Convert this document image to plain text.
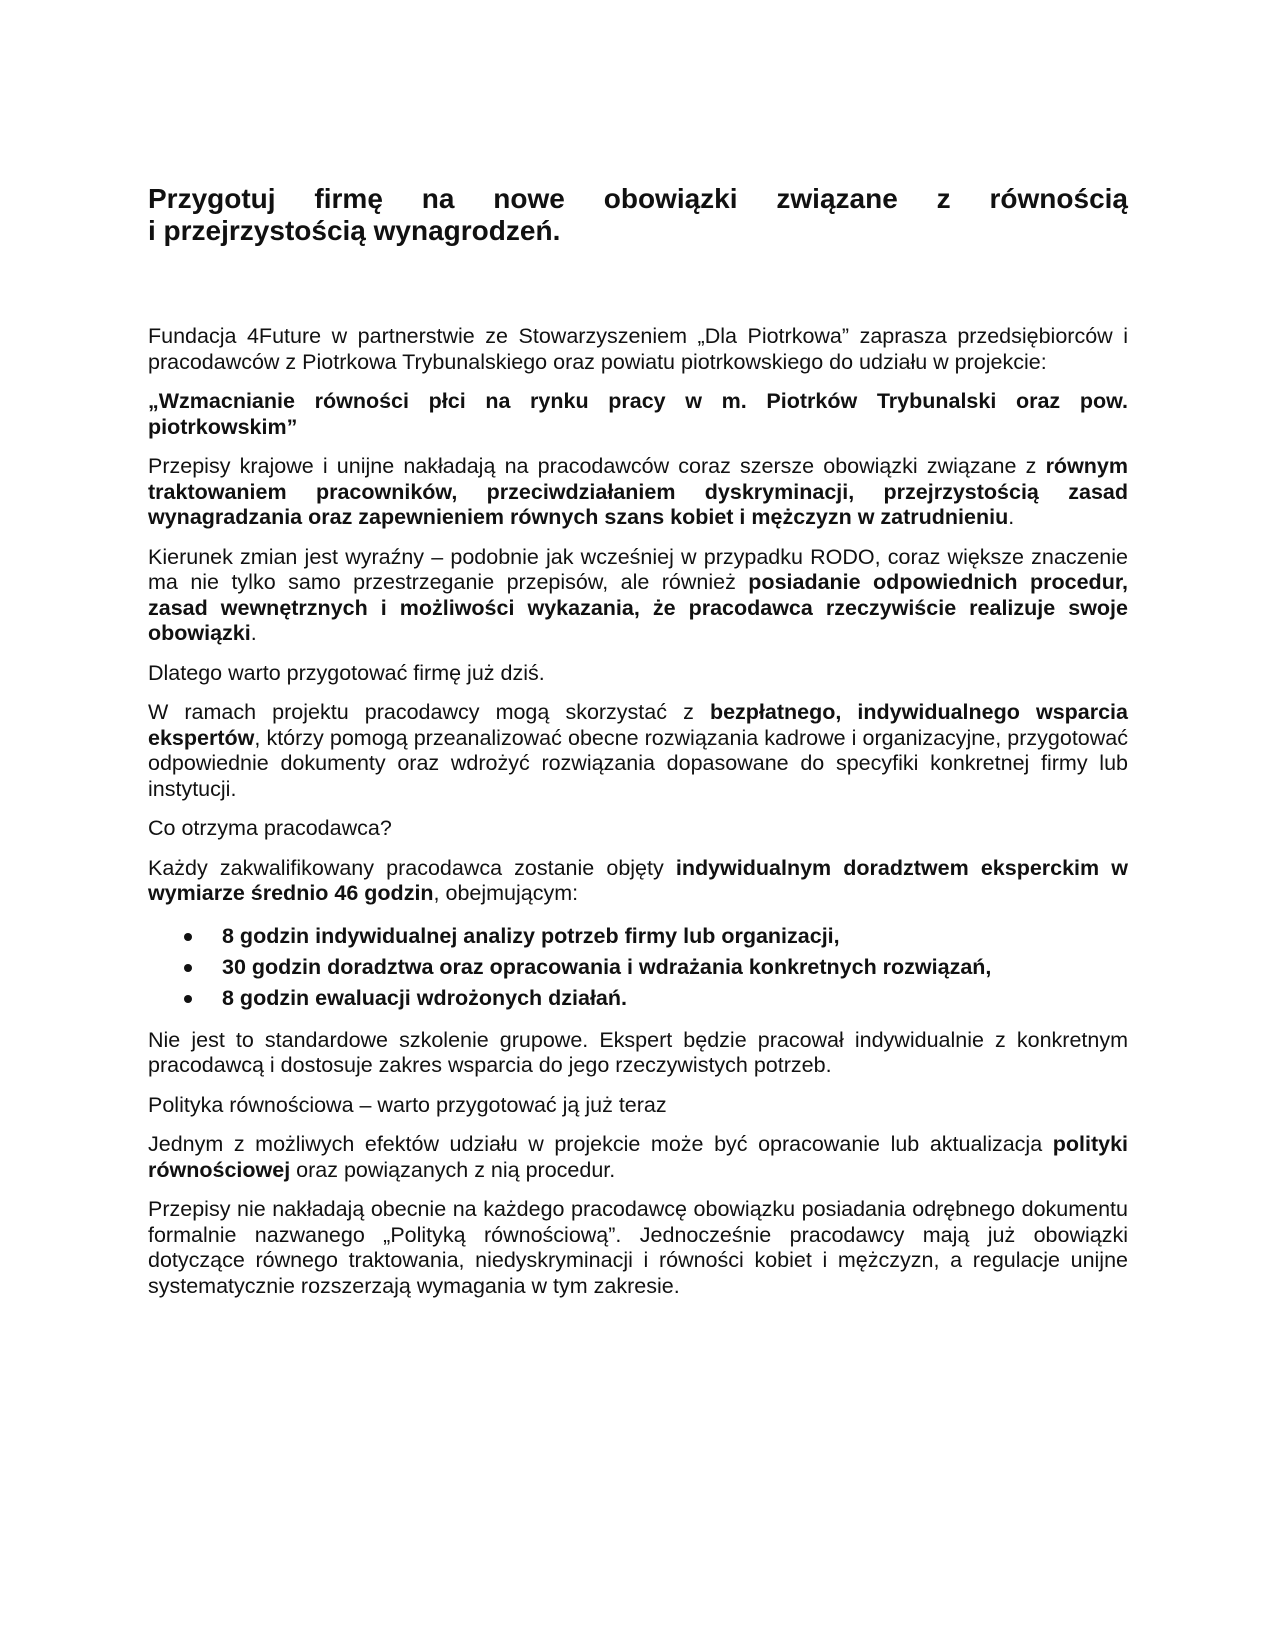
Przygotuj firmę na nowe obowiązki związane z równością
i przejrzystością wynagrodzeń.

Fundacja 4Future w partnerstwie ze Stowarzyszeniem „Dla Piotrkowa” zaprasza przedsiębiorców i pracodawców z Piotrkowa Trybunalskiego oraz powiatu piotrkowskiego do udziału w projekcie:

„Wzmacnianie równości płci na rynku pracy w m. Piotrków Trybunalski oraz pow. piotrkowskim”

Przepisy krajowe i unijne nakładają na pracodawców coraz szersze obowiązki związane z równym traktowaniem pracowników, przeciwdziałaniem dyskryminacji, przejrzystością zasad wynagradzania oraz zapewnieniem równych szans kobiet i mężczyzn w zatrudnieniu.

Kierunek zmian jest wyraźny – podobnie jak wcześniej w przypadku RODO, coraz większe znaczenie ma nie tylko samo przestrzeganie przepisów, ale również posiadanie odpowiednich procedur, zasad wewnętrznych i możliwości wykazania, że pracodawca rzeczywiście realizuje swoje obowiązki.

Dlatego warto przygotować firmę już dziś.

W ramach projektu pracodawcy mogą skorzystać z bezpłatnego, indywidualnego wsparcia ekspertów, którzy pomogą przeanalizować obecne rozwiązania kadrowe i organizacyjne, przygotować odpowiednie dokumenty oraz wdrożyć rozwiązania dopasowane do specyfiki konkretnej firmy lub instytucji.

Co otrzyma pracodawca?

Każdy zakwalifikowany pracodawca zostanie objęty indywidualnym doradztwem eksperckim w wymiarze średnio 46 godzin, obejmującym:

8 godzin indywidualnej analizy potrzeb firmy lub organizacji,
30 godzin doradztwa oraz opracowania i wdrażania konkretnych rozwiązań,
8 godzin ewaluacji wdrożonych działań.

Nie jest to standardowe szkolenie grupowe. Ekspert będzie pracował indywidualnie z konkretnym pracodawcą i dostosuje zakres wsparcia do jego rzeczywistych potrzeb.

Polityka równościowa – warto przygotować ją już teraz

Jednym z możliwych efektów udziału w projekcie może być opracowanie lub aktualizacja polityki równościowej oraz powiązanych z nią procedur.

Przepisy nie nakładają obecnie na każdego pracodawcę obowiązku posiadania odrębnego dokumentu formalnie nazwanego „Polityką równościową”. Jednocześnie pracodawcy mają już obowiązki dotyczące równego traktowania, niedyskryminacji i równości kobiet i mężczyzn, a regulacje unijne systematycznie rozszerzają wymagania w tym zakresie.
